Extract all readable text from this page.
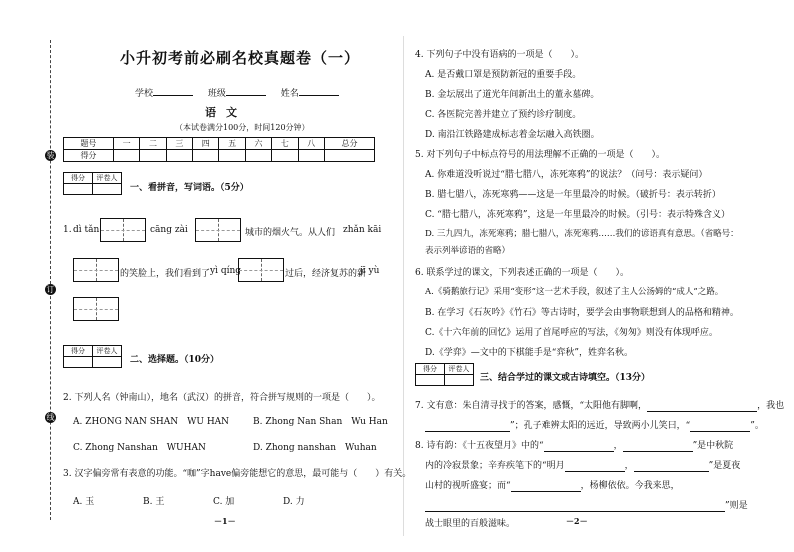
装
订
线
小升初考前必刷名校真题卷（一）
学校	班级	姓名
语文
（本试卷满分100分，时间120分钟）
题号	一	二	三	四	五	六	七	八	总分
得分									
得分	评卷人

一、看拼音，写词语。（5分）
1. dì tǎn	cāng zài	城市的烟火气。从人们 zhǎn kāi
的笑脸上，我们看到了 yì qíng	过后，经济复苏的新
jī yù
得分	评卷人

二、选择题。（10分）
2. 下列人名（钟南山），地名（武汉）的拼音，符合拼写规则的一项是（　　）。
A. ZHONG NAN SHAN　WU HAN	B. Zhong Nan Shan　Wu Han
C. Zhong Nanshan　WUHAN	D. Zhong nanshan　Wuhan
3. 汉字偏旁常有表意的功能。“咖”字have偏旁能想它的意思，最可能与（　　）有关。
A. 玉	B. 王	C. 加	D. 力
－1－
4. 下列句子中没有语病的一项是（　　）。
A. 是否戴口罩是预防新冠的重要手段。
B. 金坛展出了道光年间新出土的董永墓碑。
C. 各医院完善并建立了预约诊疗制度。
D. 南沿江铁路建成标志着金坛融入高铁圈。
5. 对下列句子中标点符号的用法理解不正确的一项是（　　）。
A. 你难道没听说过“腊七腊八，冻死寒鸦”的说法？（问号：表示疑问）
B. 腊七腊八，冻死寒鸦——这是一年里最冷的时候。（破折号：表示转折）
C. “腊七腊八，冻死寒鸦”，这是一年里最冷的时候。（引号：表示特殊含义）
D. 三九四九，冻死寒鸦；腊七腊八，冻死寒鸦……我们的谚语真有意思。（省略号：
表示列举谚语的省略）
6. 联系学过的课文，下列表述正确的一项是（　　）。
A.《骑鹅旅行记》采用“变形”这一艺术手段，叙述了主人公汤姆的“成人”之路。
B. 在学习《石灰吟》《竹石》等古诗时，要学会由事物联想到人的品格和精神。
C.《十六年前的回忆》运用了首尾呼应的写法，《匆匆》则没有体现呼应。
D.《学弈》—文中的下棋能手是“弈秋”，姓弈名秋。
得分	评卷人

三、结合学过的课文或古诗填空。（13分）
7. 文有意：朱自清寻找于的答案，感慨，“太阳他有脚啊，	，我也
”；孔子难辨太阳的远近，导致两小儿笑曰，“	”。
8. 诗有韵：《十五夜望月》中的“	，	”是中秋院
内的冷寂景象；辛弃疾笔下的“明月	，	”是夏夜
山村的视听盛宴；而“	，杨柳依依。今我来思，
”则是
战士眼里的百般滋味。	－2－
